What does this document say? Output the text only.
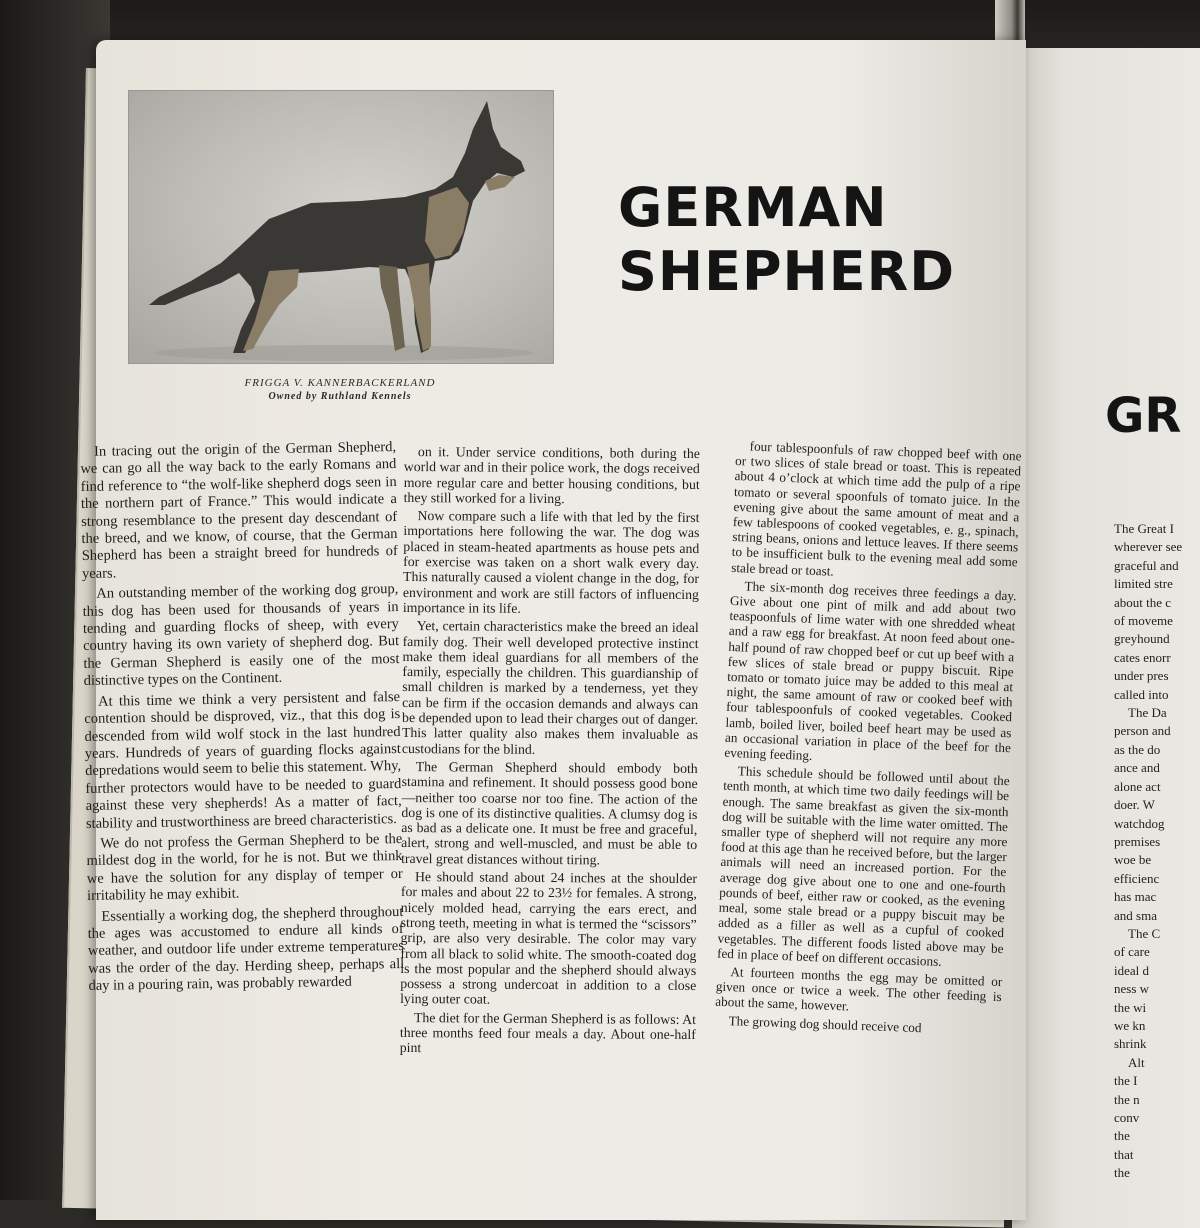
GR
The Great I
wherever see
graceful and
limited stre
about the c
of moveme
greyhound
cates enorr
under pres
called into
The Da
person and
as the do
ance and
alone act
doer. W
watchdog
premises
woe be
efficienc
has mac
and sma
The C
of care
ideal d
ness w
the wi
we kn
shrink
Alt
the I
the n
conv
the
that
the
FRIGGA V. KANNERBACKERLAND
Owned by Ruthland Kennels
GERMAN
SHEPHERD

In tracing out the origin of the German Shepherd, we can go all the way back to the early Romans and find reference to “the wolf-like shepherd dogs seen in the northern part of France.” This would indicate a strong resemblance to the present day descendant of the breed, and we know, of course, that the German Shepherd has been a straight breed for hundreds of years.

An outstanding member of the working dog group, this dog has been used for thousands of years in tending and guarding flocks of sheep, with every country having its own variety of shepherd dog. But the German Shepherd is easily one of the most distinctive types on the Continent.

At this time we think a very persistent and false contention should be disproved, viz., that this dog is descended from wild wolf stock in the last hundred years. Hundreds of years of guarding flocks against depredations would seem to belie this statement. Why, further protectors would have to be needed to guard against these very shepherds! As a matter of fact, stability and trustworthiness are breed characteristics.

We do not profess the German Shepherd to be the mildest dog in the world, for he is not. But we think we have the solution for any display of temper or irritability he may exhibit.

Essentially a working dog, the shepherd throughout the ages was accustomed to endure all kinds of weather, and outdoor life under extreme temperatures was the order of the day. Herding sheep, perhaps all day in a pouring rain, was probably rewarded

on it. Under service conditions, both during the world war and in their police work, the dogs received more regular care and better housing conditions, but they still worked for a living.

Now compare such a life with that led by the first importations here following the war. The dog was placed in steam-heated apartments as house pets and for exercise was taken on a short walk every day. This naturally caused a violent change in the dog, for environment and work are still factors of influencing importance in its life.

Yet, certain characteristics make the breed an ideal family dog. Their well developed protective instinct make them ideal guardians for all members of the family, especially the children. This guardianship of small children is marked by a tenderness, yet they can be firm if the occasion demands and always can be depended upon to lead their charges out of danger. This latter quality also makes them invaluable as custodians for the blind.

The German Shepherd should embody both stamina and refinement. It should possess good bone—neither too coarse nor too fine. The action of the dog is one of its distinctive qualities. A clumsy dog is as bad as a delicate one. It must be free and graceful, alert, strong and well-muscled, and must be able to travel great distances without tiring.

He should stand about 24 inches at the shoulder for males and about 22 to 23½ for females. A strong, nicely molded head, carrying the ears erect, and strong teeth, meeting in what is termed the “scissors” grip, are also very desirable. The color may vary from all black to solid white. The smooth-coated dog is the most popular and the shepherd should always possess a strong undercoat in addition to a close lying outer coat.

The diet for the German Shepherd is as follows: At three months feed four meals a day. About one-half pint

four tablespoonfuls of raw chopped beef with one or two slices of stale bread or toast. This is repeated about 4 o’clock at which time add the pulp of a ripe tomato or several spoonfuls of tomato juice. In the evening give about the same amount of meat and a few tablespoons of cooked vegetables, e. g., spinach, string beans, onions and lettuce leaves. If there seems to be insufficient bulk to the evening meal add some stale bread or toast.

The six-month dog receives three feedings a day. Give about one pint of milk and add about two teaspoonfuls of lime water with one shredded wheat and a raw egg for breakfast. At noon feed about one-half pound of raw chopped beef or cut up beef with a few slices of stale bread or puppy biscuit. Ripe tomato or tomato juice may be added to this meal at night, the same amount of raw or cooked beef with four tablespoonfuls of cooked vegetables. Cooked lamb, boiled liver, boiled beef heart may be used as an occasional variation in place of the beef for the evening feeding.

This schedule should be followed until about the tenth month, at which time two daily feedings will be enough. The same breakfast as given the six-month dog will be suitable with the lime water omitted. The smaller type of shepherd will not require any more food at this age than he received before, but the larger animals will need an increased portion. For the average dog give about one to one and one-fourth pounds of beef, either raw or cooked, as the evening meal, some stale bread or a puppy biscuit may be added as a filler as well as a cupful of cooked vegetables. The different foods listed above may be fed in place of beef on different occasions.

At fourteen months the egg may be omitted or given once or twice a week. The other feeding is about the same, however.

The growing dog should receive cod
